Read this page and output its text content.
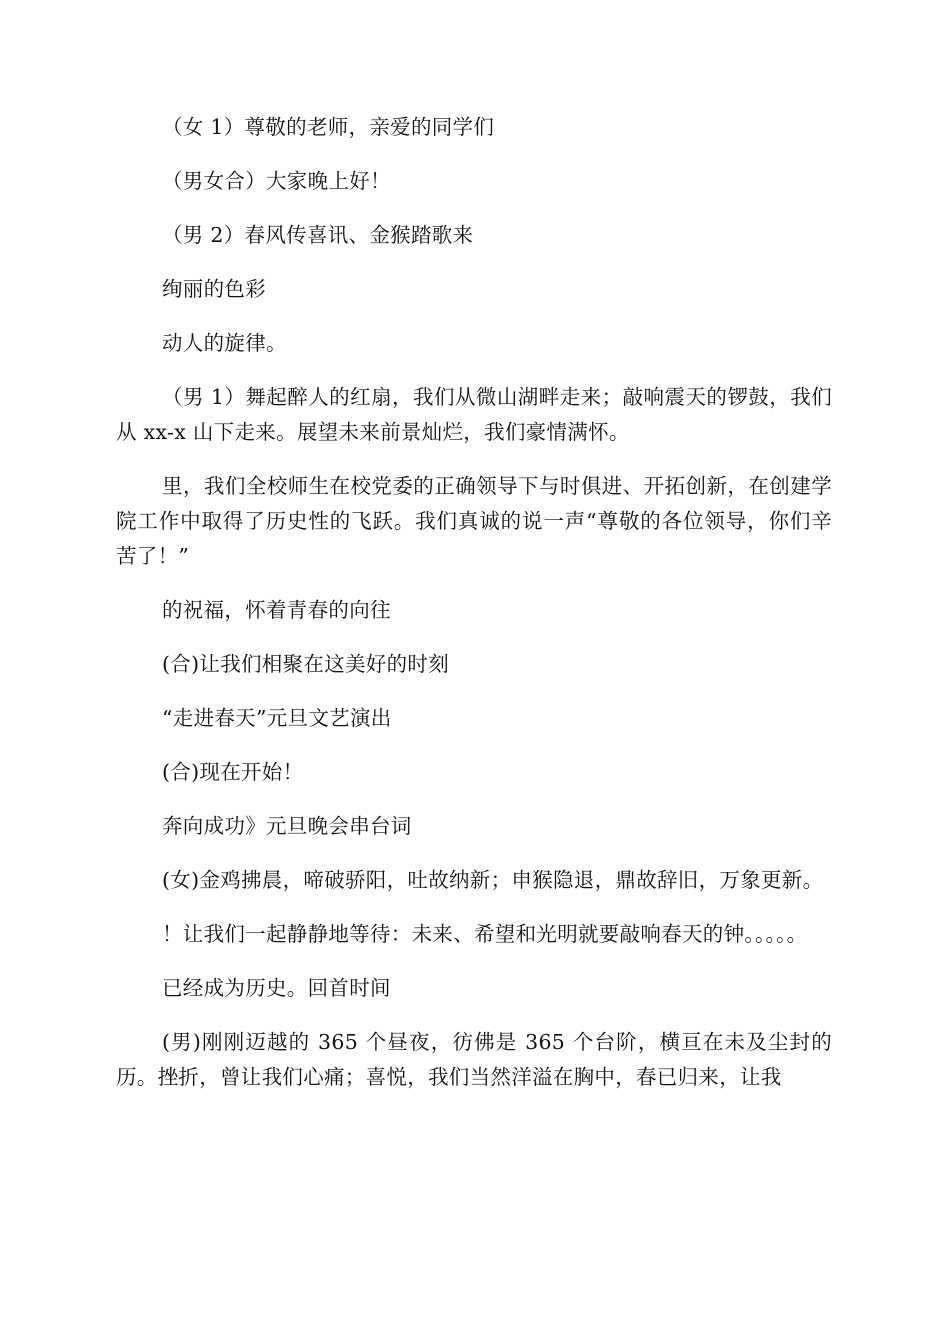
（女 1）尊敬的老师，亲爱的同学们

（男女合）大家晚上好！

（男 2）春风传喜讯、金猴踏歌来

绚丽的色彩

动人的旋律。

（男 1）舞起醉人的红扇，我们从微山湖畔走来；敲响震天的锣鼓，我们从 xx-x 山下走来。展望未来前景灿烂，我们豪情满怀。

里，我们全校师生在校党委的正确领导下与时俱进、开拓创新，在创建学院工作中取得了历史性的飞跃。我们真诚的说一声“尊敬的各位领导，你们辛苦了！”

的祝福，怀着青春的向往

(合)让我们相聚在这美好的时刻

“走进春天”元旦文艺演出

(合)现在开始！

奔向成功》元旦晚会串台词

(女)金鸡拂晨，啼破骄阳，吐故纳新；申猴隐退，鼎故辞旧，万象更新。

！让我们一起静静地等待：未来、希望和光明就要敲响春天的钟。。。。。

已经成为历史。回首时间

(男)刚刚迈越的 365 个昼夜，彷佛是 365 个台阶，横亘在未及尘封的历。挫折，曾让我们心痛；喜悦，我们当然洋溢在胸中，春已归来，让我
